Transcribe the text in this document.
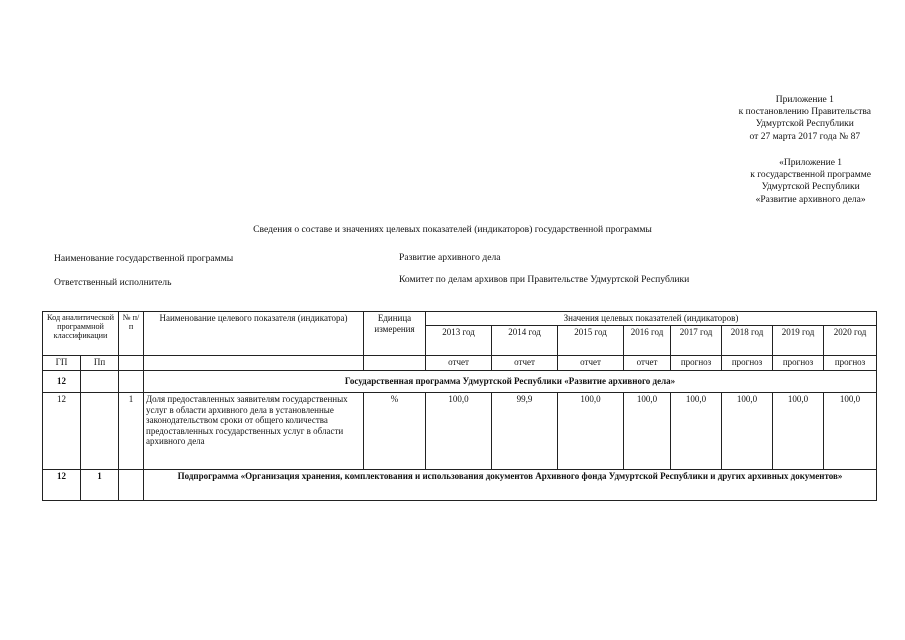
Приложение 1
к постановлению Правительства
Удмуртской Республики
от 27 марта 2017 года № 87
«Приложение 1
к государственной программе
Удмуртской Республики
«Развитие архивного дела»
Сведения о составе и значениях целевых показателей (индикаторов) государственной программы
Наименование государственной программы	Развитие архивного дела
Ответственный исполнитель	Комитет по делам архивов при Правительстве Удмуртской Республики
Код аналитической программной классификации		№ п/п	Наименование целевого показателя (индикатора)	Единица измерения	Значения целевых показателей (индикаторов)							
					2013 год	2014 год	2015 год	2016 год	2017 год	2018 год	2019 год	2020 год
ГП	Пп				отчет	отчет	отчет	отчет	прогноз	прогноз	прогноз	прогноз
12			Государственная программа Удмуртской Республики «Развитие архивного дела»									
12		1	Доля предоставленных заявителям государственных услуг в области архивного дела в установленные законодательством сроки от общего количества предоставленных государственных услуг в области архивного дела	%	100,0	99,9	100,0	100,0	100,0	100,0	100,0	100,0
12	1		Подпрограмма «Организация хранения, комплектования и использования документов Архивного фонда Удмуртской Республики и других архивных документов»									
